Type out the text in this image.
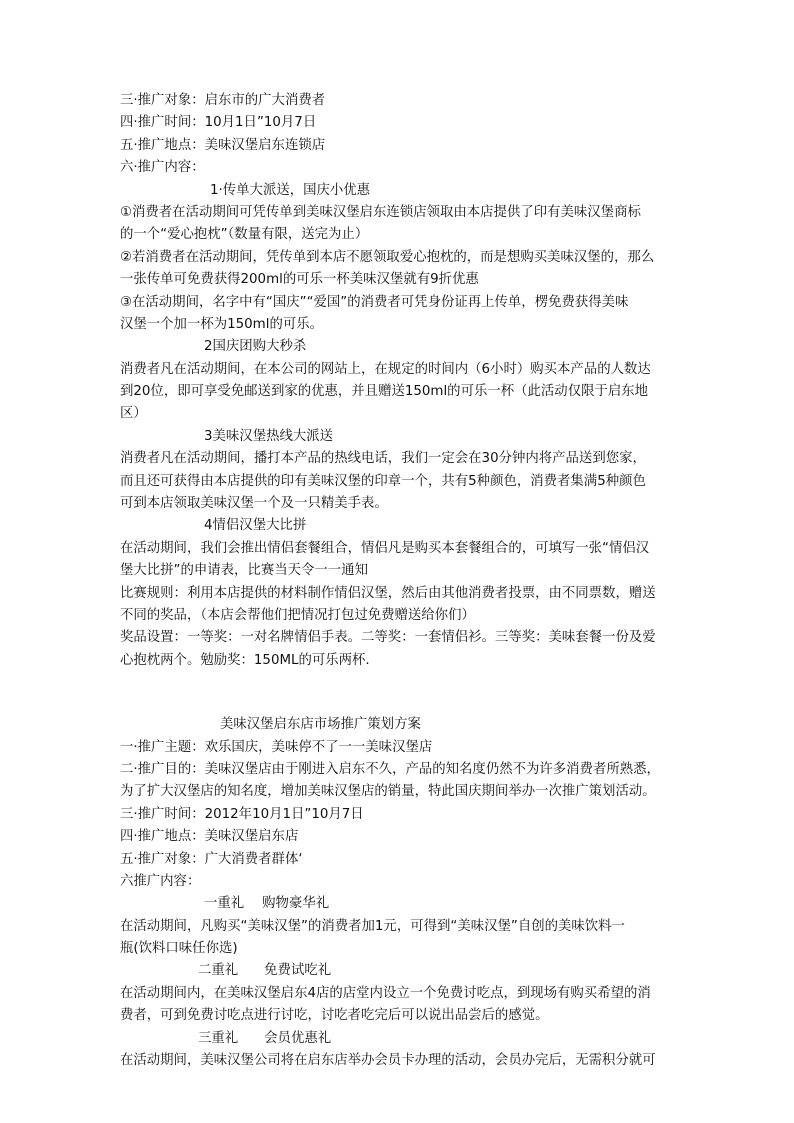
三·推广对象：启东市的广大消费者
四·推广时间：10月1日”10月7日
五·推广地点：美味汉堡启东连锁店
六·推广内容：
1·传单大派送，国庆小优惠
①消费者在活动期间可凭传单到美味汉堡启东连锁店领取由本店提供了印有美味汉堡商标
的一个“爱心抱枕”（数量有限，送完为止）
②若消费者在活动期间，凭传单到本店不愿领取爱心抱枕的，而是想购买美味汉堡的，那么
一张传单可免费获得200ml的可乐一杯美味汉堡就有9折优惠
③在活动期间，名字中有“国庆”“爱国”的消费者可凭身份证再上传单，楞免费获得美味
汉堡一个加一杯为150ml的可乐。
2国庆团购大秒杀
消费者凡在活动期间，在本公司的网站上，在规定的时间内（6小时）购买本产品的人数达
到20位，即可享受免邮送到家的优惠，并且赠送150ml的可乐一杯（此活动仅限于启东地
区）
3美味汉堡热线大派送
消费者凡在活动期间，播打本产品的热线电话，我们一定会在30分钟内将产品送到您家，
而且还可获得由本店提供的印有美味汉堡的印章一个，共有5种颜色，消费者集满5种颜色
可到本店领取美味汉堡一个及一只精美手表。
4情侣汉堡大比拼
在活动期间，我们会推出情侣套餐组合，情侣凡是购买本套餐组合的，可填写一张“情侣汉
堡大比拼”的申请表，比赛当天令一一通知
比赛规则：利用本店提供的材料制作情侣汉堡，然后由其他消费者投票，由不同票数，赠送
不同的奖品，（本店会帮他们把情况打包过免费赠送给你们）
奖品设置：一等奖：一对名牌情侣手表。二等奖：一套情侣衫。三等奖：美味套餐一份及爱
心抱枕两个。勉励奖：150ML的可乐两杯.
美味汉堡启东店市场推广策划方案
一·推广主题：欢乐国庆，美味停不了一一美味汉堡店
二·推广目的：美味汉堡店由于刚进入启东不久，产品的知名度仍然不为许多消费者所熟悉，
为了扩大汉堡店的知名度，增加美味汉堡店的销量，特此国庆期间举办一次推广策划活动。
三·推广时间：2012年10月1日”10月7日
四·推广地点：美味汉堡启东店
五·推广对象：广大消费者群体‘
六推广内容：
一重礼 购物豪华礼
在活动期间，凡购买“美味汉堡”的消费者加1元，可得到“美味汉堡”自创的美味饮料一
瓶(饮料口味任你选)
二重礼 免费试吃礼
在活动期间内，在美味汉堡启东4店的店堂内设立一个免费讨吃点，到现场有购买希望的消
费者，可到免费讨吃点进行讨吃，讨吃者吃完后可以说出品尝后的感觉。
三重礼 会员优惠礼
在活动期间，美味汉堡公司将在启东店举办会员卡办理的活动，会员办完后，无需积分就可
